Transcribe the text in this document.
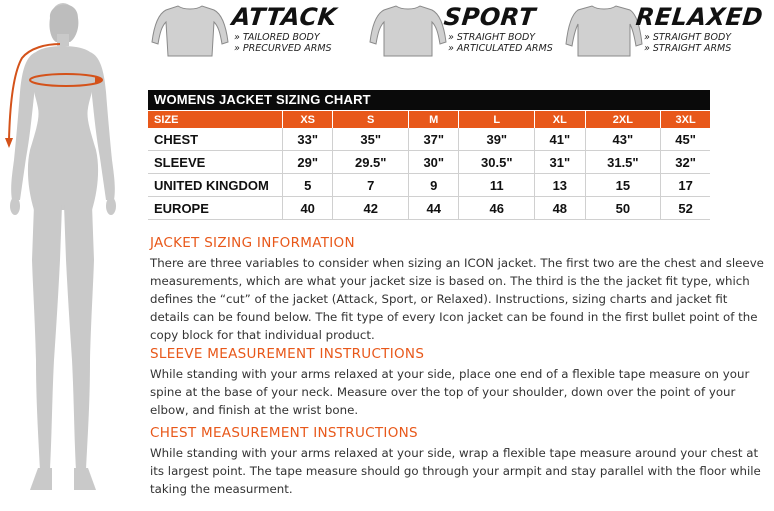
ATTACK
» TAILORED BODY
» PRECURVED ARMS
SPORT
» STRAIGHT BODY
» ARTICULATED ARMS
RELAXED
» STRAIGHT BODY
» STRAIGHT ARMS
WOMENS JACKET SIZING CHART
SIZE	XS	S	M	L	XL	2XL	3XL
CHEST	33"	35"	37"	39"	41"	43"	45"
SLEEVE	29"	29.5"	30"	30.5"	31"	31.5"	32"
UNITED KINGDOM	5	7	9	11	13	15	17
EUROPE	40	42	44	46	48	50	52
JACKET SIZING INFORMATION

There are three variables to consider when sizing an ICON jacket. The first two are the chest and sleeve measurements, which are what your jacket size is based on. The third is the the jacket fit type, which defines the “cut” of the jacket (Attack, Sport, or Relaxed). Instructions, sizing charts and jacket fit details can be found below. The fit type of every Icon jacket can be found in the first bullet point of the copy block for that individual product.

SLEEVE MEASUREMENT INSTRUCTIONS

While standing with your arms relaxed at your side, place one end of a flexible tape measure on your spine at the base of your neck. Measure over the top of your shoulder, down over the point of your elbow, and finish at the wrist bone.

CHEST MEASUREMENT INSTRUCTIONS

While standing with your arms relaxed at your side, wrap a flexible tape measure around your chest at its largest point. The tape measure should go through your armpit and stay parallel with the floor while taking the measurment.
